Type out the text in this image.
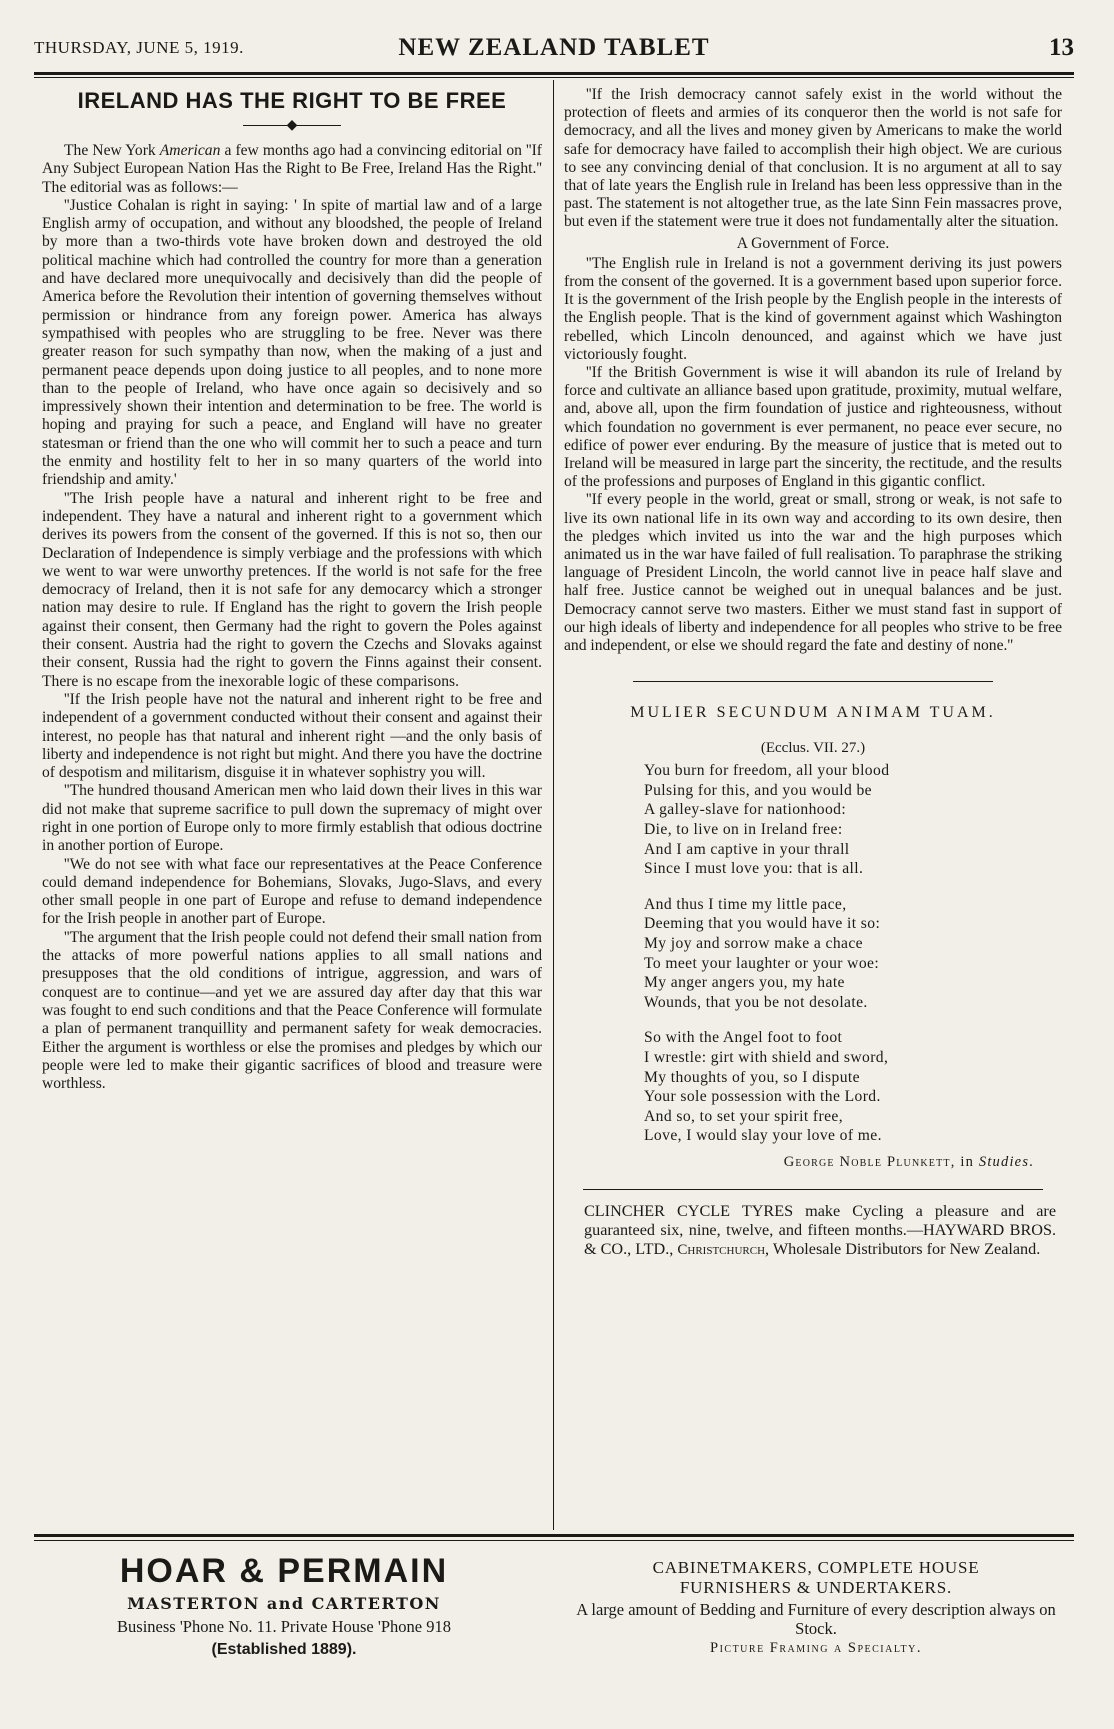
THURSDAY, JUNE 5, 1919.	NEW ZEALAND TABLET	13
IRELAND HAS THE RIGHT TO BE FREE
◆

The New York American a few months ago had a convincing editorial on ''If Any Subject European Nation Has the Right to Be Free, Ireland Has the Right.'' The editorial was as follows:—

''Justice Cohalan is right in saying: ' In spite of martial law and of a large English army of occupation, and without any bloodshed, the people of Ireland by more than a two-thirds vote have broken down and destroyed the old political machine which had controlled the country for more than a generation and have declared more unequivocally and decisively than did the people of America before the Revolution their intention of governing themselves without permission or hindrance from any foreign power. America has always sympathised with peoples who are struggling to be free. Never was there greater reason for such sympathy than now, when the making of a just and permanent peace depends upon doing justice to all peoples, and to none more than to the people of Ireland, who have once again so decisively and so impressively shown their intention and determination to be free. The world is hoping and praying for such a peace, and England will have no greater statesman or friend than the one who will commit her to such a peace and turn the enmity and hostility felt to her in so many quarters of the world into friendship and amity.'

''The Irish people have a natural and inherent right to be free and independent. They have a natural and inherent right to a government which derives its powers from the consent of the governed. If this is not so, then our Declaration of Independence is simply verbiage and the professions with which we went to war were unworthy pretences. If the world is not safe for the free democracy of Ireland, then it is not safe for any democarcy which a stronger nation may desire to rule. If England has the right to govern the Irish people against their consent, then Germany had the right to govern the Poles against their consent. Austria had the right to govern the Czechs and Slovaks against their consent, Russia had the right to govern the Finns against their consent. There is no escape from the inexorable logic of these comparisons.

''If the Irish people have not the natural and inherent right to be free and independent of a government conducted without their consent and against their interest, no people has that natural and inherent right —and the only basis of liberty and independence is not right but might. And there you have the doctrine of despotism and militarism, disguise it in whatever sophistry you will.

''The hundred thousand American men who laid down their lives in this war did not make that supreme sacrifice to pull down the supremacy of might over right in one portion of Europe only to more firmly establish that odious doctrine in another portion of Europe.

''We do not see with what face our representatives at the Peace Conference could demand independence for Bohemians, Slovaks, Jugo-Slavs, and every other small people in one part of Europe and refuse to demand independence for the Irish people in another part of Europe.

''The argument that the Irish people could not defend their small nation from the attacks of more powerful nations applies to all small nations and presupposes that the old conditions of intrigue, aggression, and wars of conquest are to continue—and yet we are assured day after day that this war was fought to end such conditions and that the Peace Conference will formulate a plan of permanent tranquillity and permanent safety for weak democracies. Either the argument is worthless or else the promises and pledges by which our people were led to make their gigantic sacrifices of blood and treasure were worthless.

''If the Irish democracy cannot safely exist in the world without the protection of fleets and armies of its conqueror then the world is not safe for democracy, and all the lives and money given by Americans to make the world safe for democracy have failed to accomplish their high object. We are curious to see any convincing denial of that conclusion. It is no argument at all to say that of late years the English rule in Ireland has been less oppressive than in the past. The statement is not altogether true, as the late Sinn Fein massacres prove, but even if the statement were true it does not fundamentally alter the situation.

A Government of Force.

''The English rule in Ireland is not a government deriving its just powers from the consent of the governed. It is a government based upon superior force. It is the government of the Irish people by the English people in the interests of the English people. That is the kind of government against which Washington rebelled, which Lincoln denounced, and against which we have just victoriously fought.

''If the British Government is wise it will abandon its rule of Ireland by force and cultivate an alliance based upon gratitude, proximity, mutual welfare, and, above all, upon the firm foundation of justice and righteousness, without which foundation no government is ever permanent, no peace ever secure, no edifice of power ever enduring. By the measure of justice that is meted out to Ireland will be measured in large part the sincerity, the rectitude, and the results of the professions and purposes of England in this gigantic conflict.

''If every people in the world, great or small, strong or weak, is not safe to live its own national life in its own way and according to its own desire, then the pledges which invited us into the war and the high purposes which animated us in the war have failed of full realisation. To paraphrase the striking language of President Lincoln, the world cannot live in peace half slave and half free. Justice cannot be weighed out in unequal balances and be just. Democracy cannot serve two masters. Either we must stand fast in support of our high ideals of liberty and independence for all peoples who strive to be free and independent, or else we should regard the fate and destiny of none.''

MULIER SECUNDUM ANIMAM TUAM.
(Ecclus. VII. 27.)
You burn for freedom, all your blood
Pulsing for this, and you would be
A galley-slave for nationhood:
Die, to live on in Ireland free:
And I am captive in your thrall
Since I must love you: that is all.
And thus I time my little pace,
Deeming that you would have it so:
My joy and sorrow make a chace
To meet your laughter or your woe:
My anger angers you, my hate
Wounds, that you be not desolate.
So with the Angel foot to foot
I wrestle: girt with shield and sword,
My thoughts of you, so I dispute
Your sole possession with the Lord.
And so, to set your spirit free,
Love, I would slay your love of me.
George Noble Plunkett, in Studies.
CLINCHER CYCLE TYRES make Cycling a pleasure and are guaranteed six, nine, twelve, and fifteen months.—HAYWARD BROS. & CO., LTD., Christchurch, Wholesale Distributors for New Zealand.
HOAR & PERMAIN
MASTERTON and CARTERTON
Business 'Phone No. 11. Private House 'Phone 918
(Established 1889).
CABINETMAKERS, COMPLETE HOUSE
FURNISHERS & UNDERTAKERS.
A large amount of Bedding and Furniture of every description always on Stock.
Picture Framing a Specialty.
